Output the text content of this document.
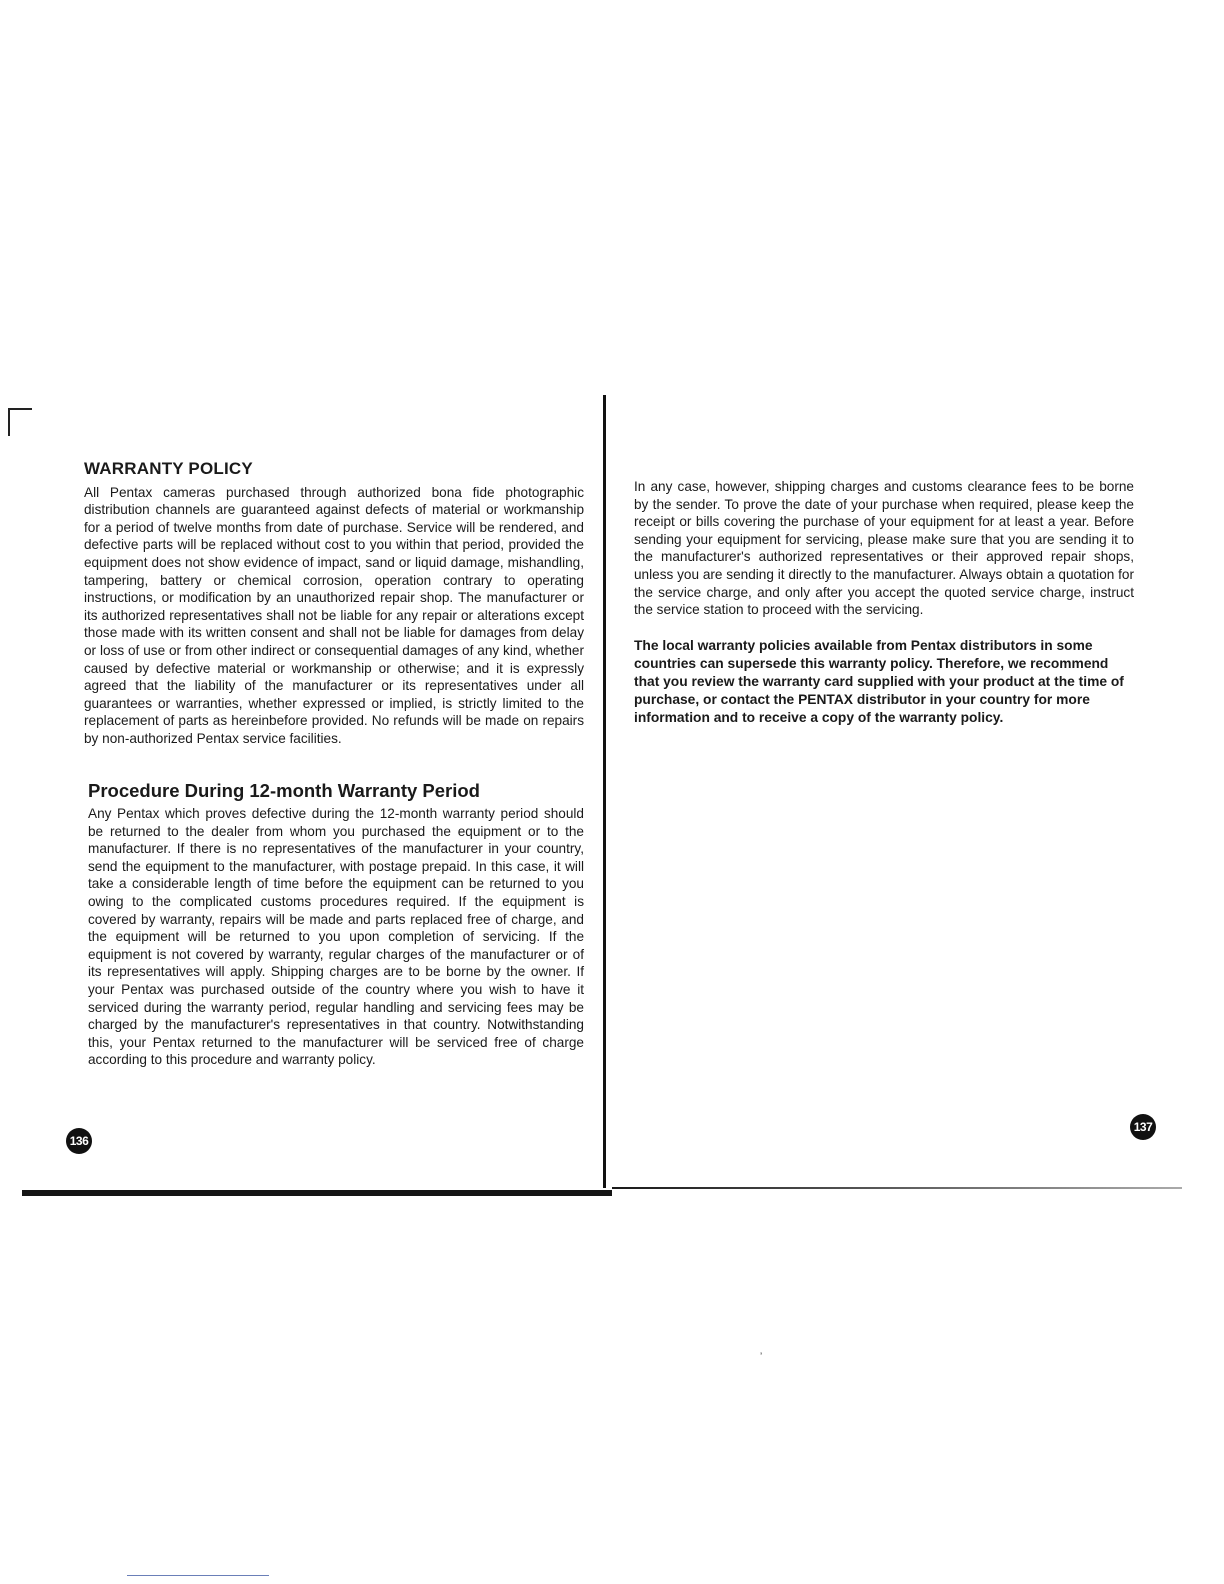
ʼ
WARRANTY POLICY

All Pentax cameras purchased through authorized bona fide photographic distribution channels are guaranteed against defects of material or workmanship for a period of twelve months from date of purchase. Service will be rendered, and defective parts will be replaced without cost to you within that period, provided the equipment does not show evidence of impact, sand or liquid damage, mishandling, tampering, battery or chemical corrosion, operation contrary to operating instructions, or modification by an unauthorized repair shop. The manufacturer or its authorized representatives shall not be liable for any repair or alterations except those made with its written consent and shall not be liable for damages from delay or loss of use or from other indirect or consequential damages of any kind, whether caused by defective material or workmanship or otherwise; and it is expressly agreed that the liability of the manufacturer or its representatives under all guarantees or warranties, whether expressed or implied, is strictly limited to the replacement of parts as hereinbefore provided. No refunds will be made on repairs by non-authorized Pentax service facilities.

Procedure During 12-month Warranty Period

Any Pentax which proves defective during the 12-month warranty period should be returned to the dealer from whom you purchased the equipment or to the manufacturer. If there is no representatives of the manufacturer in your country, send the equipment to the manufacturer, with postage prepaid. In this case, it will take a considerable length of time before the equipment can be returned to you owing to the complicated customs procedures required. If the equipment is covered by warranty, repairs will be made and parts replaced free of charge, and the equipment will be returned to you upon completion of servicing. If the equipment is not covered by warranty, regular charges of the manufacturer or of its representatives will apply. Shipping charges are to be borne by the owner. If your Pentax was purchased outside of the country where you wish to have it serviced during the warranty period, regular handling and servicing fees may be charged by the manufacturer's representatives in that country. Notwithstanding this, your Pentax returned to the manufacturer will be serviced free of charge according to this procedure and warranty policy.

In any case, however, shipping charges and customs clearance fees to be borne by the sender. To prove the date of your purchase when required, please keep the receipt or bills covering the purchase of your equipment for at least a year. Before sending your equipment for servicing, please make sure that you are sending it to the manufacturer's authorized representatives or their approved repair shops, unless you are sending it directly to the manufacturer. Always obtain a quotation for the service charge, and only after you accept the quoted service charge, instruct the service station to proceed with the servicing.

The local warranty policies available from Pentax distributors in some countries can supersede this warranty policy. Therefore, we recommend that you review the warranty card supplied with your product at the time of purchase, or contact the PENTAX distributor in your country for more information and to receive a copy of the warranty policy.

136
137
